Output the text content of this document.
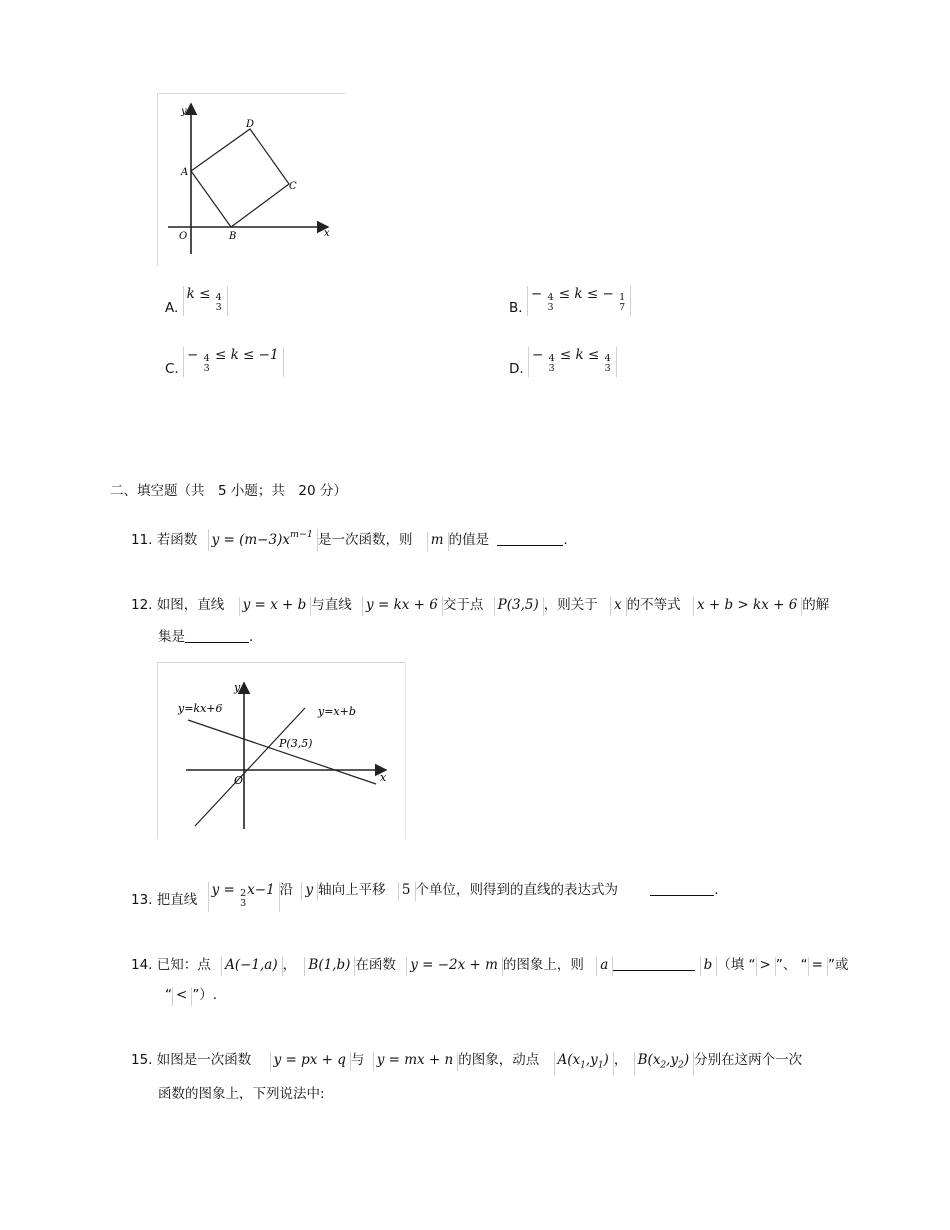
y
x
O
A
B
C
D
A. k ≤ 4
3	B. − 4
3
≤ k ≤ − 1
7
C. − 4
3
≤ k ≤ −1
D. − 4
3
≤ k ≤ 4
3
二、填空题（共　5 小题；共　20 分）
11. 若函数 $y = (m-3)x^{m-1}$ 是一次函数，则 m 的值是	.
12. 如图，直线 y = x + b 与直线 y = kx + 6 交于点 P(3,5) ，则关于 x 的不等式 x + b > kx + 6 的解
集是	.
y
x
O
y=kx+6	y=x+b
P(3,5)
13. 把直线 y = 2
3
x−1 沿 y 轴向上平移 5 个单位，则得到的直线的表达式为	.
14. 已知：点 A(−1,a) ， B(1,b) 在函数 y = −2x + m 的图象上，则 a	b （填 “ > ”、 “ = ”或
“ < ”）.
15. 如图是一次函数 y = px + q 与 y = mx + n 的图象，动点 $A(x_1,y_1)$ ， $B(x_2,y_2)$ 分别在这两个一次
函数的图象上，下列说法中:
